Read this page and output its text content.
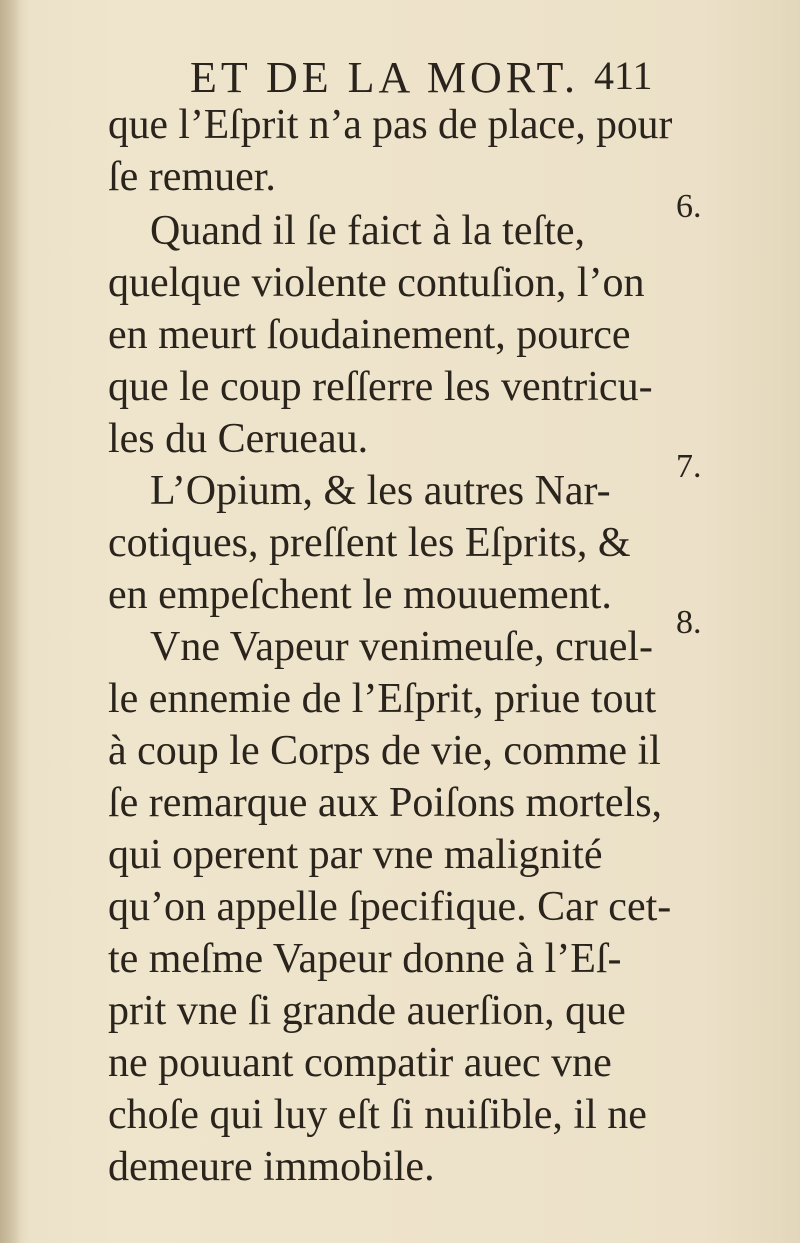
ET DE LA MORT. 411
que l’Eſprit n’a pas de place, pour
ſe remuer.
Quand il ſe faict à la teſte,
quelque violente contuſion, l’on
en meurt ſoudainement, pource
que le coup reſſerre les ventricu-
les du Cerueau.
L’Opium, & les autres Nar-
cotiques, preſſent les Eſprits, &
en empeſchent le mouuement.
Vne Vapeur venimeuſe, cruel-
le ennemie de l’Eſprit, priue tout
à coup le Corps de vie, comme il
ſe remarque aux Poiſons mortels,
qui operent par vne malignité
qu’on appelle ſpecifique. Car cet-
te meſme Vapeur donne à l’Eſ-
prit vne ſi grande auerſion, que
ne pouuant compatir auec vne
choſe qui luy eſt ſi nuiſible, il ne
demeure immobile.
6.
7.
8.
